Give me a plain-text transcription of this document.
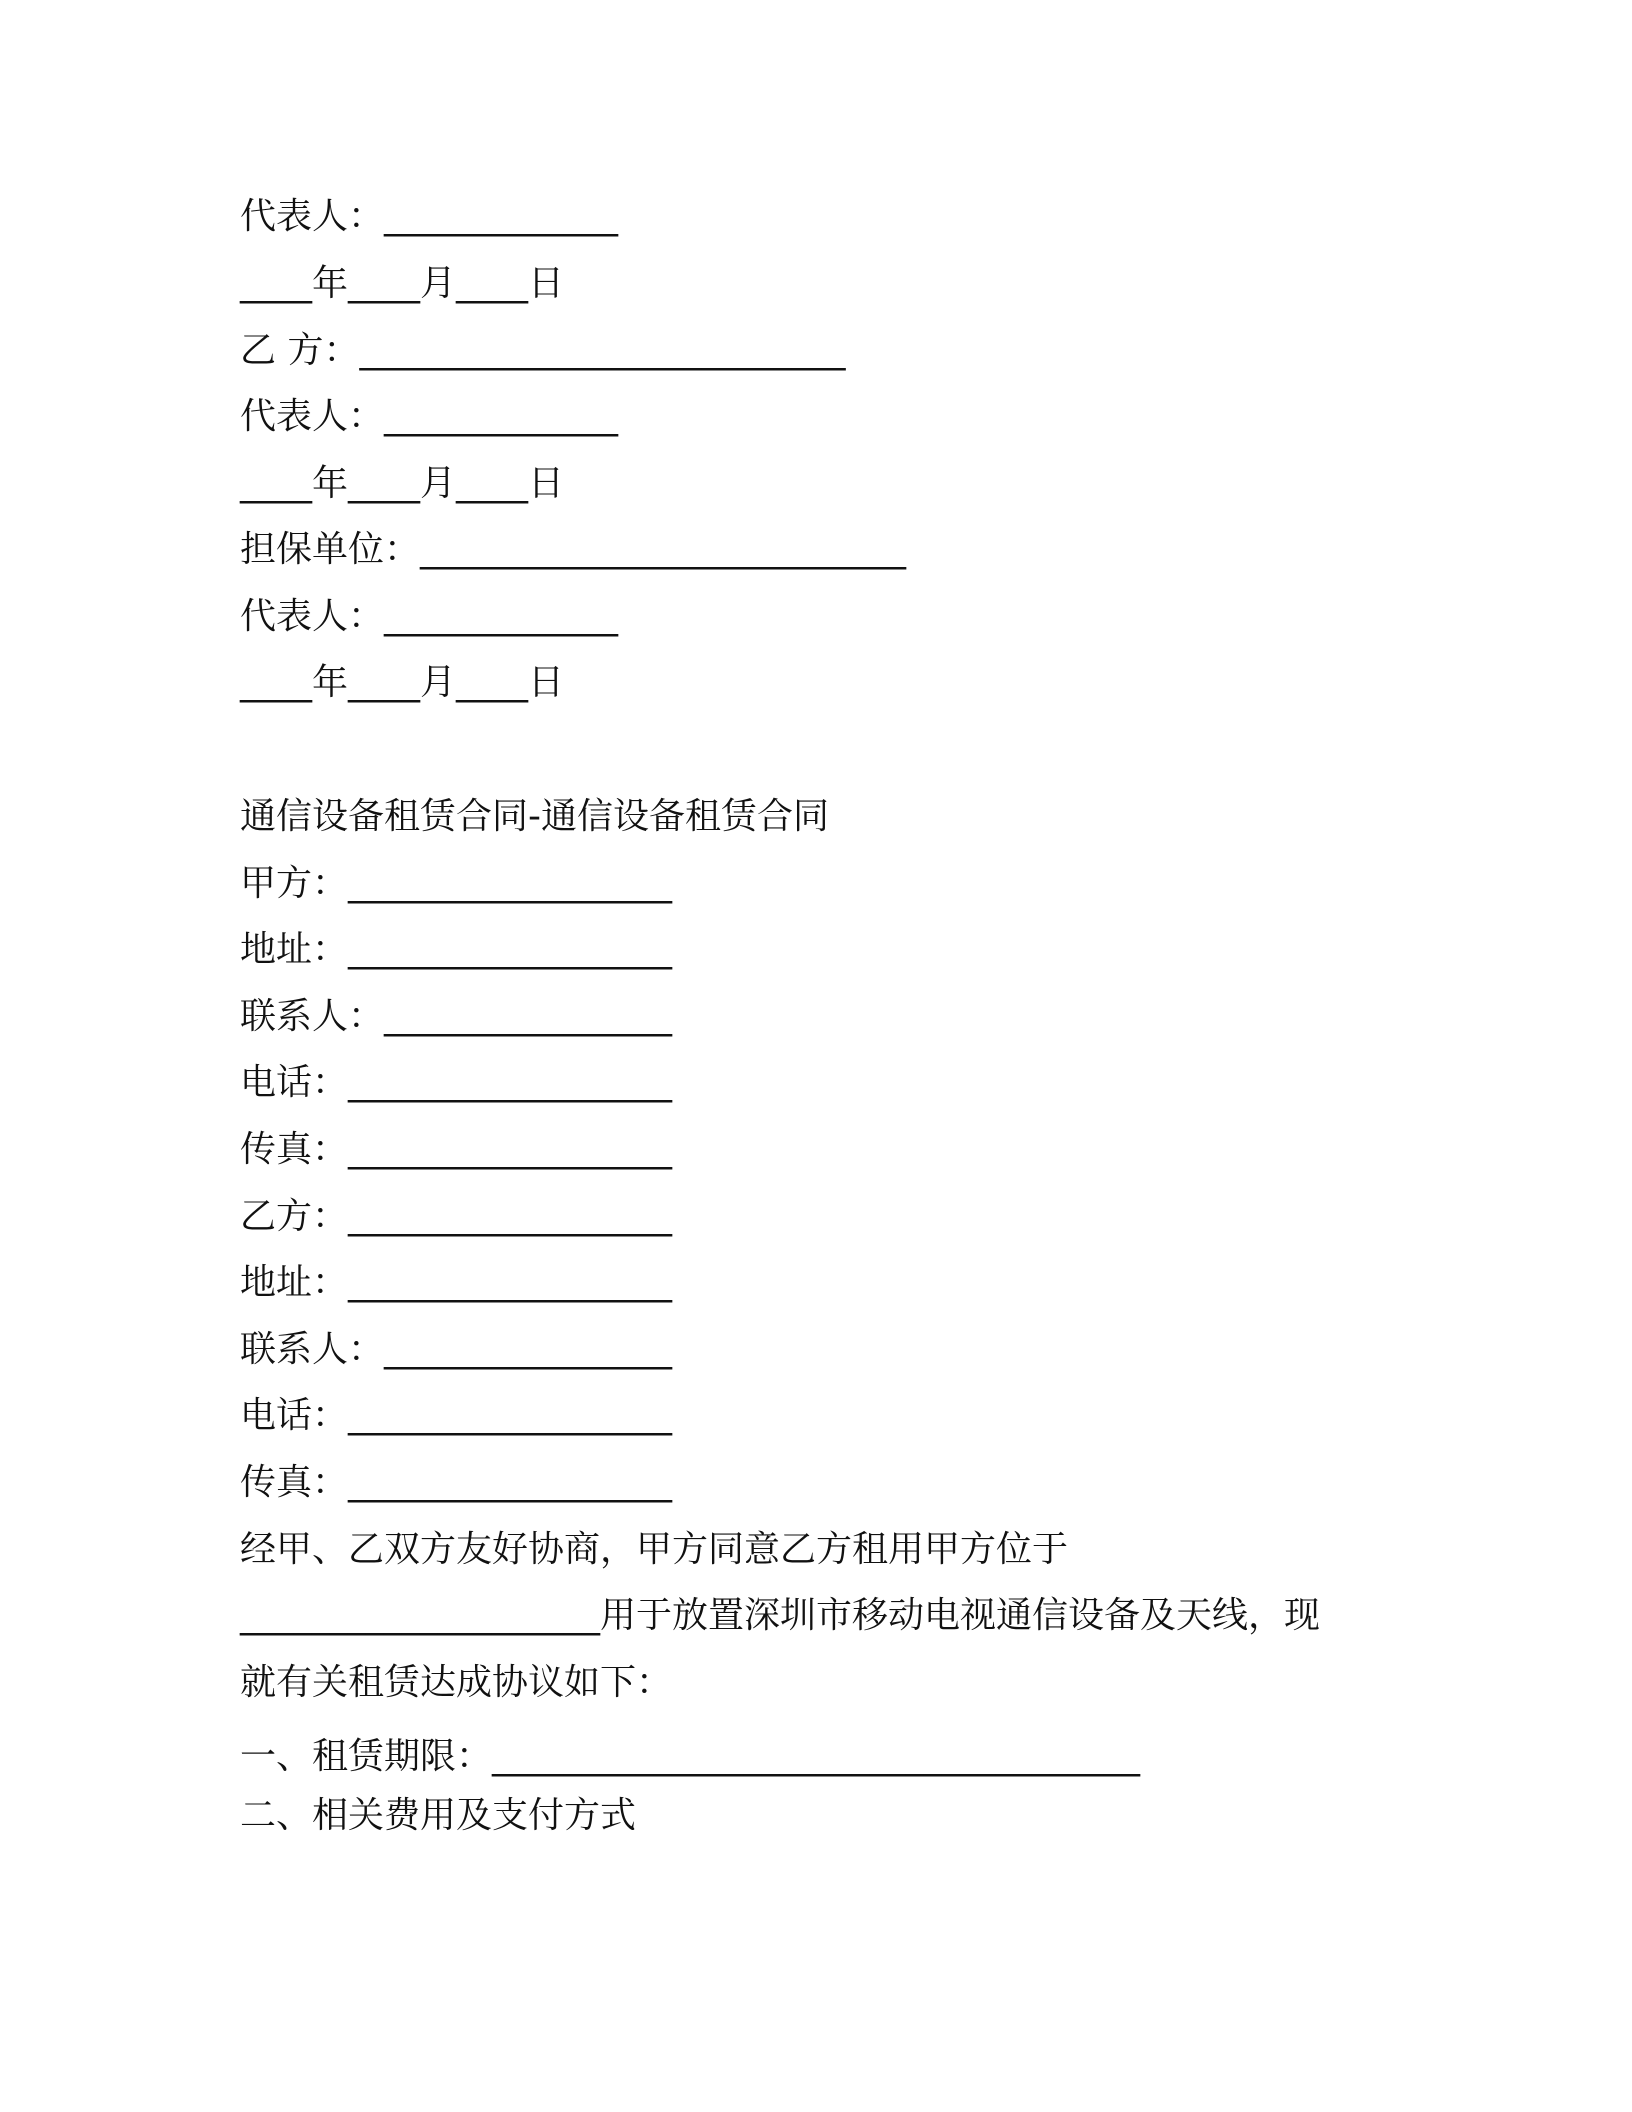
代表人：_____________
____年____月____日
乙 方：___________________________
代表人：_____________
____年____月____日
担保单位：___________________________
代表人：_____________
____年____月____日
通信设备租赁合同-通信设备租赁合同
甲方：__________________
地址：__________________
联系人：________________
电话：__________________
传真：__________________
乙方：__________________
地址：__________________
联系人：________________
电话：__________________
传真：__________________
经甲、乙双方友好协商，甲方同意乙方租用甲方位于
____________________用于放置深圳市移动电视通信设备及天线，现
就有关租赁达成协议如下：
一、租赁期限：____________________________________
二、相关费用及支付方式
